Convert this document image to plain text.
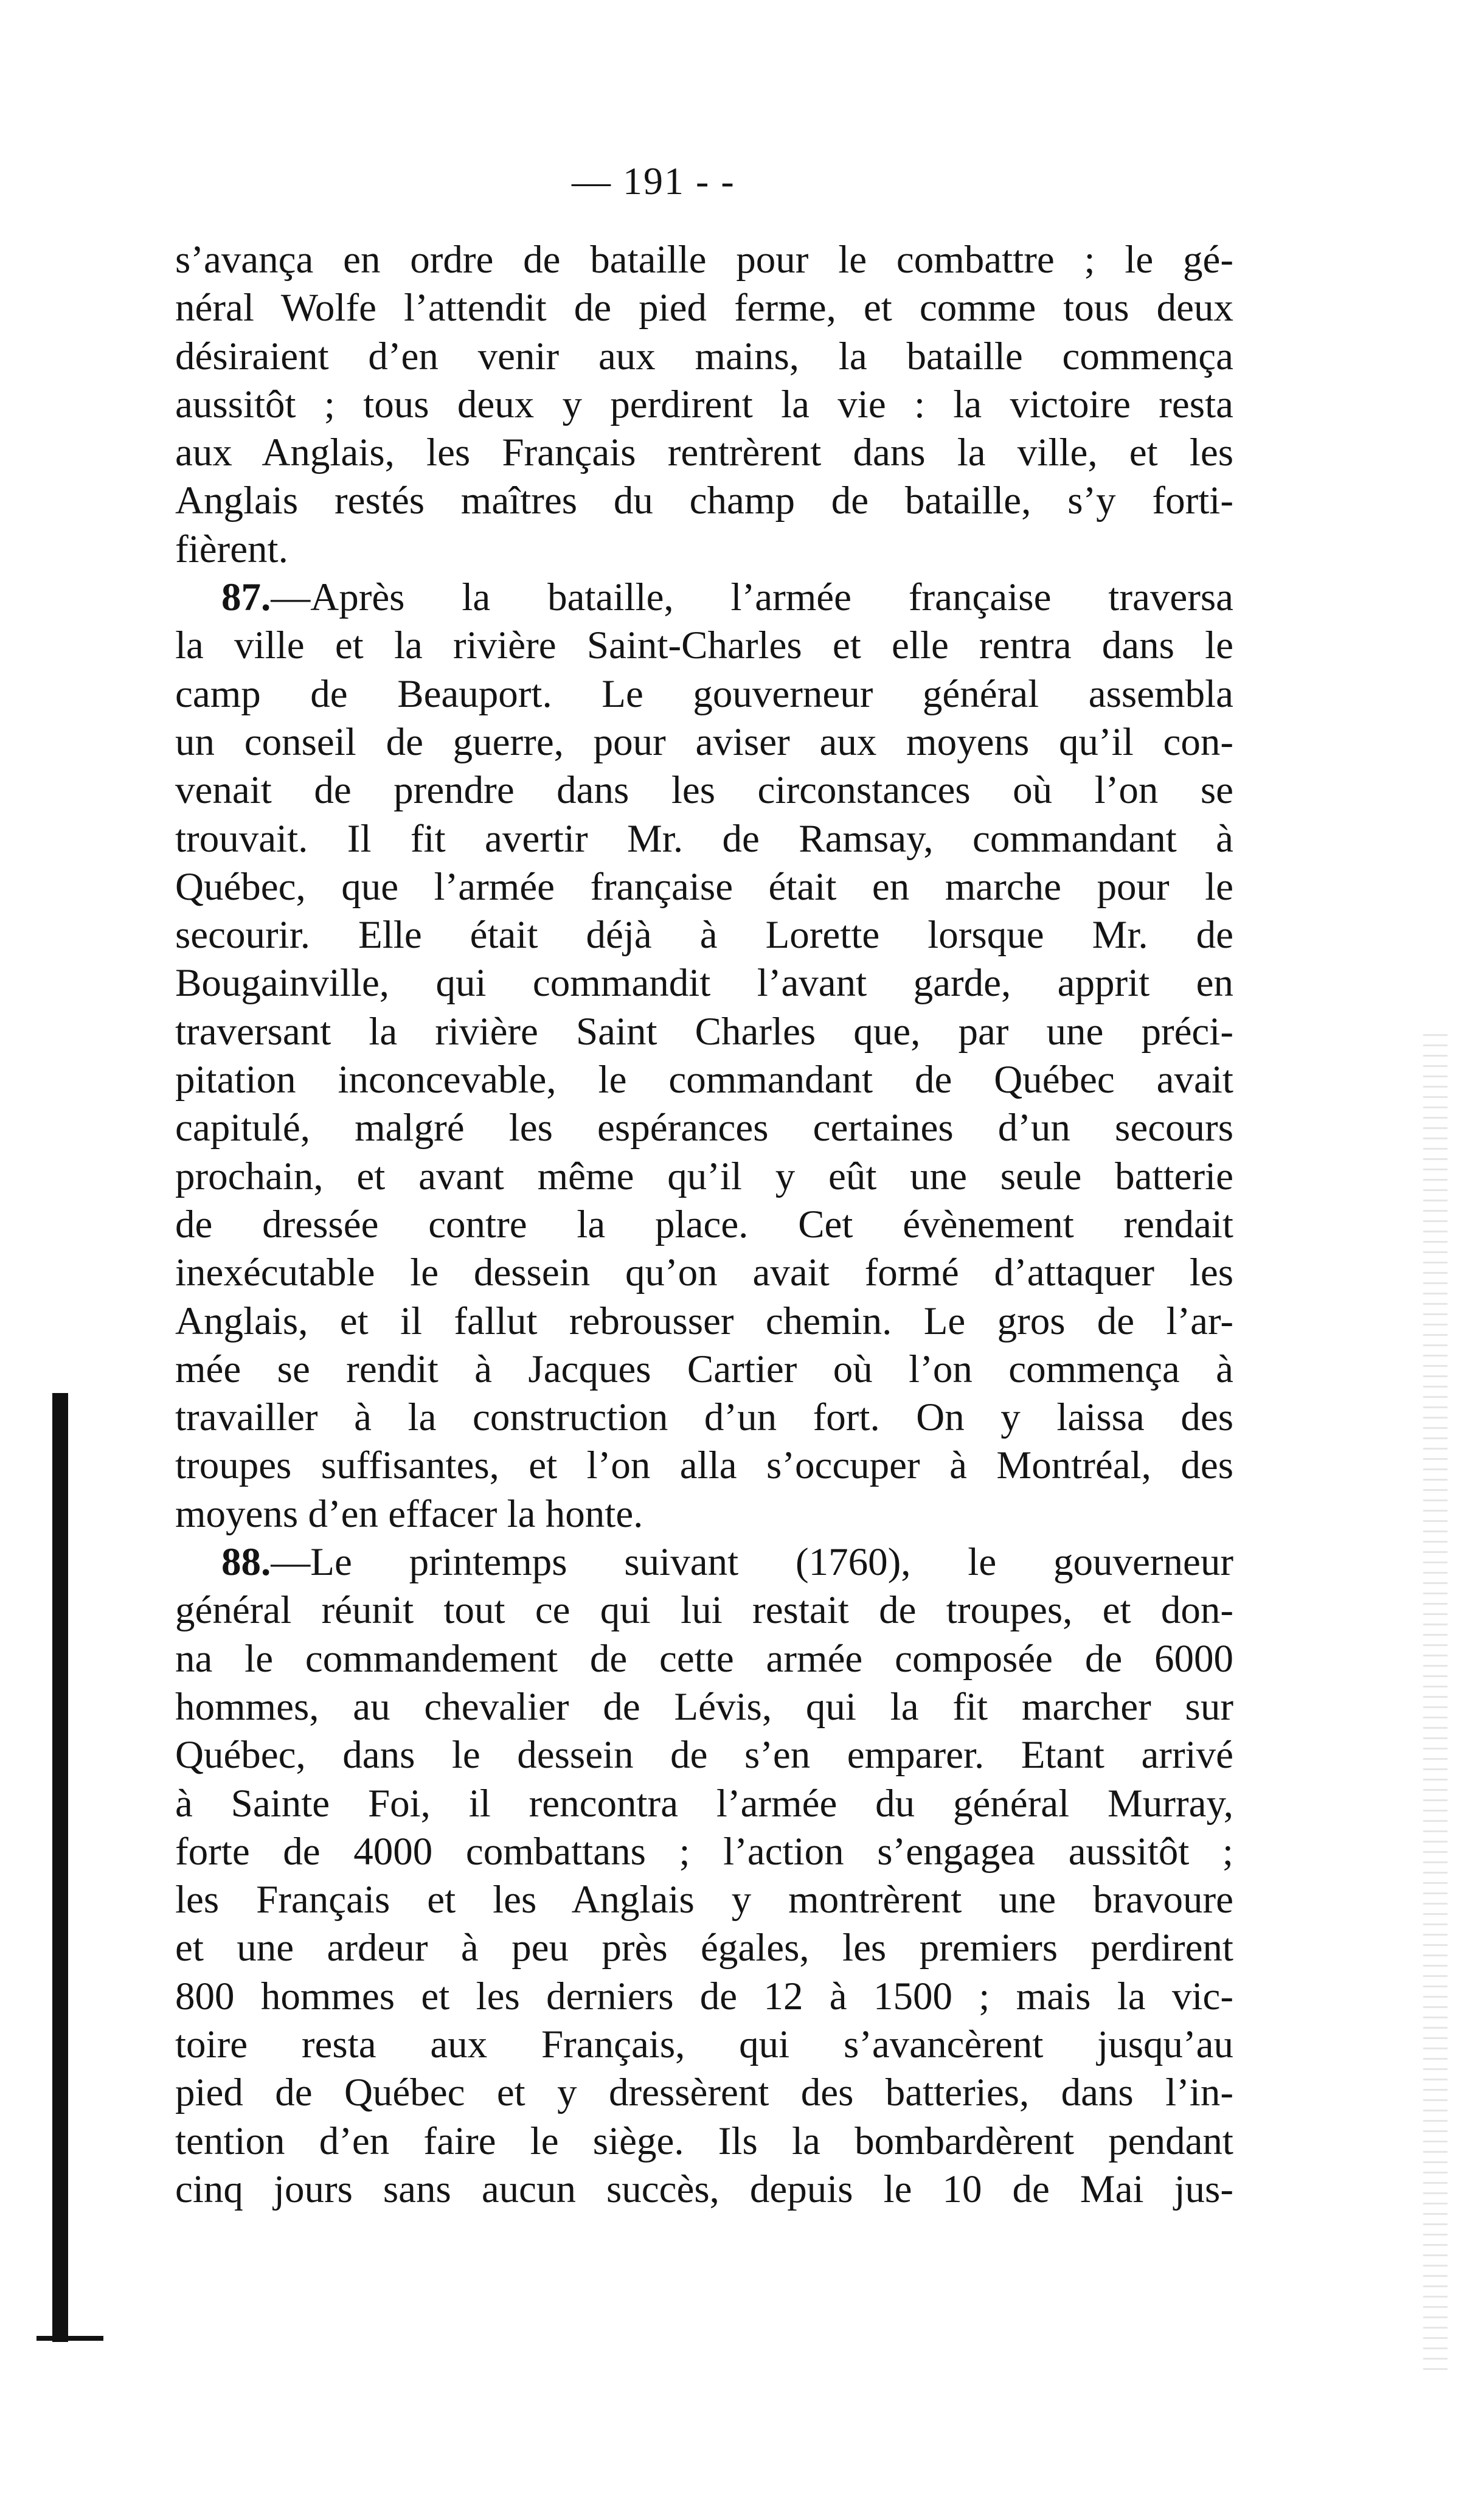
— 191 - -
s’avança en ordre de bataille pour le combattre ; le gé-
néral Wolfe l’attendit de pied ferme, et comme tous deux
désiraient d’en venir aux mains, la bataille commença
aussitôt ; tous deux y perdirent la vie : la victoire resta
aux Anglais, les Français rentrèrent dans la ville, et les
Anglais restés maîtres du champ de bataille, s’y forti-
fièrent.
87.—Après la bataille, l’armée française traversa
la ville et la rivière Saint-Charles et elle rentra dans le
camp de Beauport. Le gouverneur général assembla
un conseil de guerre, pour aviser aux moyens qu’il con-
venait de prendre dans les circonstances où l’on se
trouvait. Il fit avertir Mr. de Ramsay, commandant à
Québec, que l’armée française était en marche pour le
secourir. Elle était déjà à Lorette lorsque Mr. de
Bougainville, qui commandit l’avant garde, apprit en
traversant la rivière Saint Charles que, par une préci-
pitation inconcevable, le commandant de Québec avait
capitulé, malgré les espérances certaines d’un secours
prochain, et avant même qu’il y eût une seule batterie
de dressée contre la place. Cet évènement rendait
inexécutable le dessein qu’on avait formé d’attaquer les
Anglais, et il fallut rebrousser chemin. Le gros de l’ar-
mée se rendit à Jacques Cartier où l’on commença à
travailler à la construction d’un fort. On y laissa des
troupes suffisantes, et l’on alla s’occuper à Montréal, des
moyens d’en effacer la honte.
88.—Le printemps suivant (1760), le gouverneur
général réunit tout ce qui lui restait de troupes, et don-
na le commandement de cette armée composée de 6000
hommes, au chevalier de Lévis, qui la fit marcher sur
Québec, dans le dessein de s’en emparer. Etant arrivé
à Sainte Foi, il rencontra l’armée du général Murray,
forte de 4000 combattans ; l’action s’engagea aussitôt ;
les Français et les Anglais y montrèrent une bravoure
et une ardeur à peu près égales, les premiers perdirent
800 hommes et les derniers de 12 à 1500 ; mais la vic-
toire resta aux Français, qui s’avancèrent jusqu’au
pied de Québec et y dressèrent des batteries, dans l’in-
tention d’en faire le siège. Ils la bombardèrent pendant
cinq jours sans aucun succès, depuis le 10 de Mai jus-
